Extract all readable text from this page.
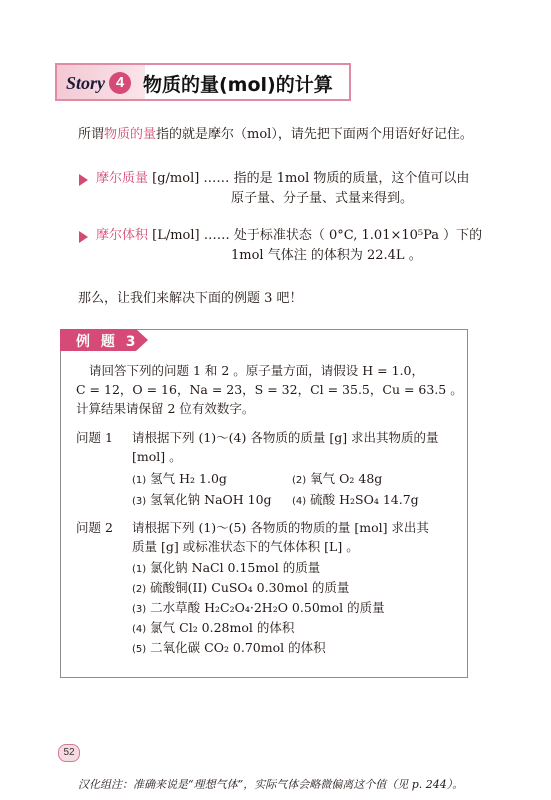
Story 4 物质的量(mol)的计算
所谓物质的量指的就是摩尔（mol），请先把下面两个用语好好记住。
摩尔质量 [g/mol] …… 指的是 1mol 物质的质量，这个值可以由
原子量、分子量、式量来得到。
摩尔体积 [L/mol] …… 处于标准状态（ 0°C, 1.01×10⁵Pa ）下的
1mol 气体注 的体积为 22.4L 。
那么，让我们来解决下面的例题 3 吧！
例 题 3
请回答下列的问题 1 和 2 。原子量方面，请假设 H = 1.0，
C = 12，O = 16，Na = 23，S = 32，Cl = 35.5，Cu = 63.5 。
计算结果请保留 2 位有效数字。
问题 1 请根据下列 (1)～(4) 各物质的质量 [g] 求出其物质的量
[mol] 。
(1) 氢气 H₂ 1.0g	(2) 氧气 O₂ 48g
(3) 氢氧化钠 NaOH 10g (4) 硫酸 H₂SO₄ 14.7g
问题 2 请根据下列 (1)～(5) 各物质的物质的量 [mol] 求出其
质量 [g] 或标准状态下的气体体积 [L] 。
(1) 氯化钠 NaCl 0.15mol 的质量
(2) 硫酸铜(II) CuSO₄ 0.30mol 的质量
(3) 二水草酸 H₂C₂O₄·2H₂O 0.50mol 的质量
(4) 氯气 Cl₂ 0.28mol 的体积
(5) 二氧化碳 CO₂ 0.70mol 的体积
52
汉化组注：准确来说是“理想气体”，实际气体会略微偏离这个值（见 p. 244）。
